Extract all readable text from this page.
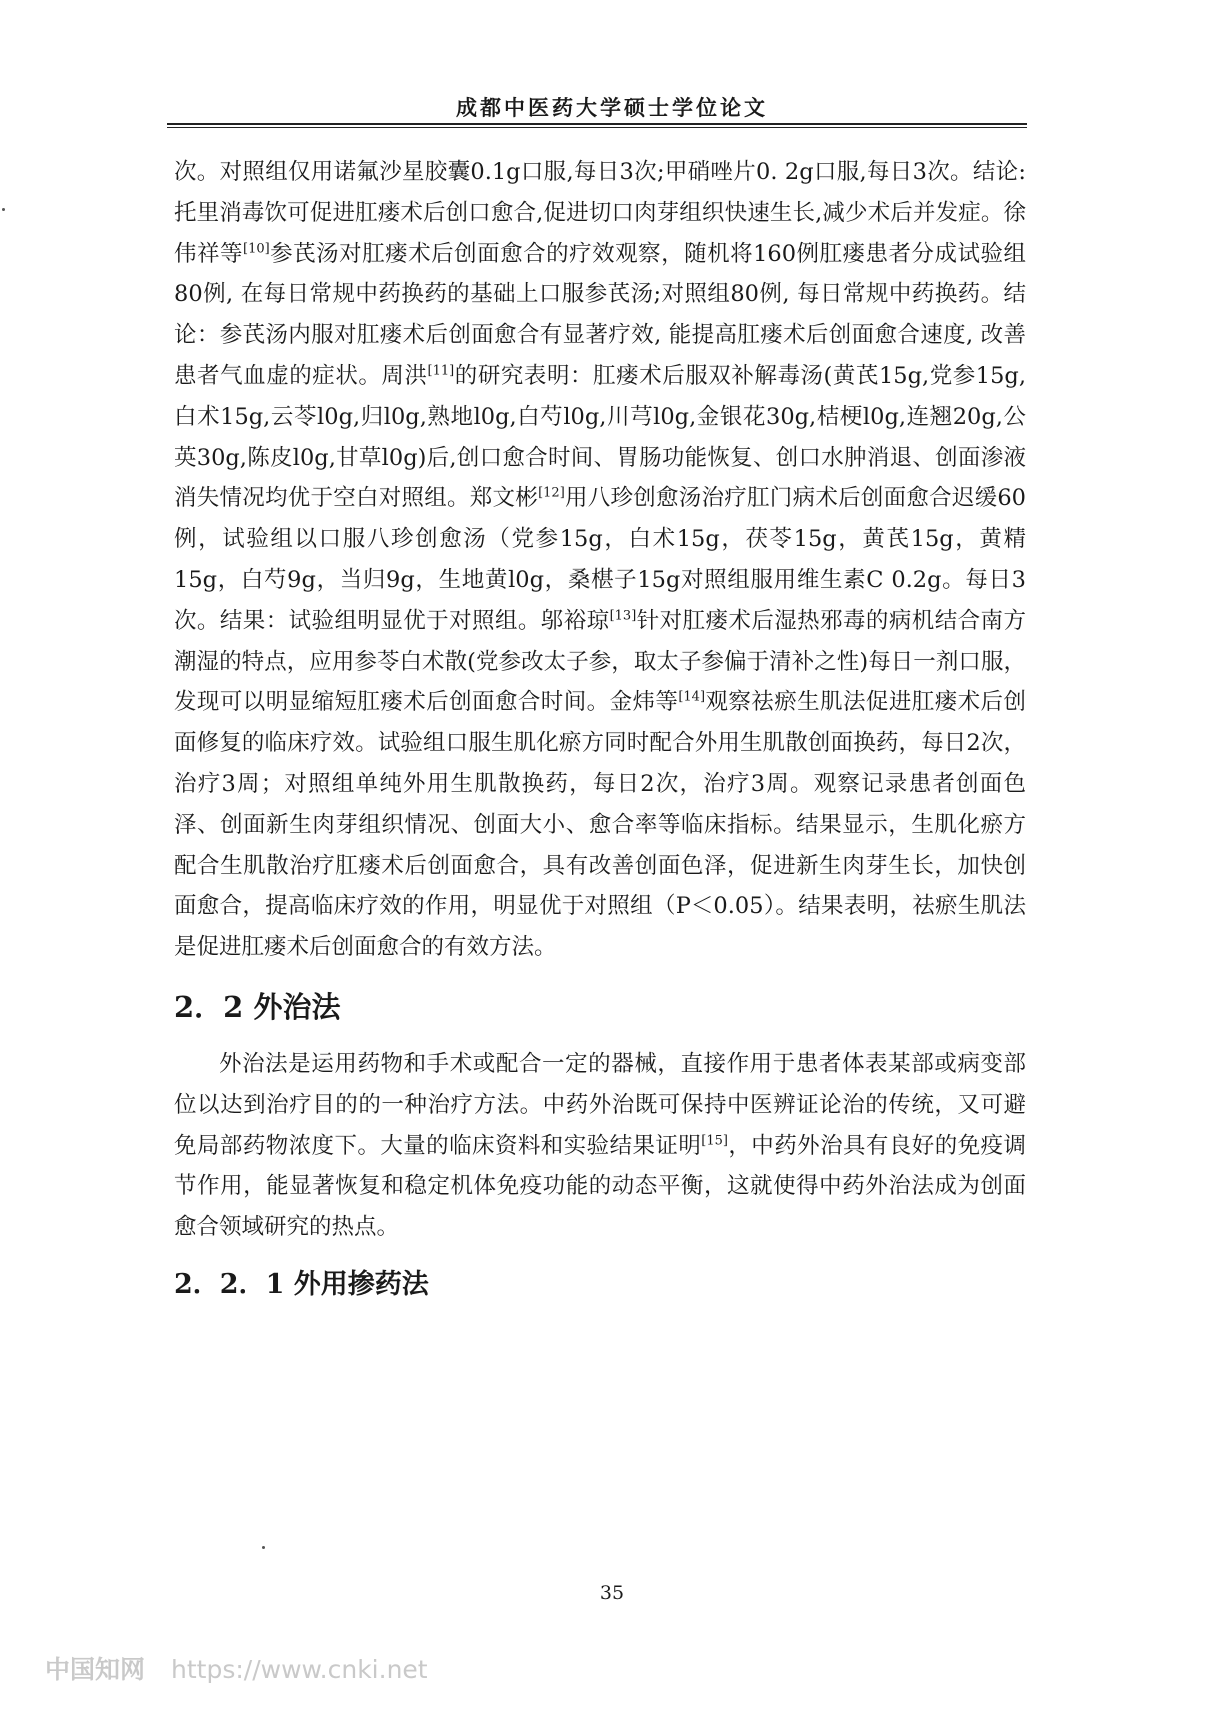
成都中医药大学硕士学位论文

次。对照组仅用诺氟沙星胶囊0.1g口服,每日3次;甲硝唑片0. 2g口服,每日3次。结论:托里消毒饮可促进肛瘘术后创口愈合,促进切口肉芽组织快速生长,减少术后并发症。徐伟祥等[10]参芪汤对肛瘘术后创面愈合的疗效观察，随机将160例肛瘘患者分成试验组80例, 在每日常规中药换药的基础上口服参芪汤;对照组80例, 每日常规中药换药。结论：参芪汤内服对肛瘘术后创面愈合有显著疗效, 能提高肛瘘术后创面愈合速度, 改善患者气血虚的症状。周洪[11]的研究表明：肛瘘术后服双补解毒汤(黄芪15g,党参15g,白术15g,云苓l0g,归l0g,熟地l0g,白芍l0g,川芎l0g,金银花30g,桔梗l0g,连翘20g,公英30g,陈皮l0g,甘草l0g)后,创口愈合时间、胃肠功能恢复、创口水肿消退、创面渗液消失情况均优于空白对照组。郑文彬[12]用八珍创愈汤治疗肛门病术后创面愈合迟缓60例，试验组以口服八珍创愈汤（党参15g，白术15g，茯苓15g，黄芪15g，黄精15g，白芍9g，当归9g，生地黄l0g，桑椹子15g对照组服用维生素C 0.2g。每日3次。结果：试验组明显优于对照组。邬裕琼[13]针对肛瘘术后湿热邪毒的病机结合南方潮湿的特点，应用参苓白术散(党参改太子参，取太子参偏于清补之性)每日一剂口服，发现可以明显缩短肛瘘术后创面愈合时间。金炜等[14]观察祛瘀生肌法促进肛瘘术后创面修复的临床疗效。试验组口服生肌化瘀方同时配合外用生肌散创面换药，每日2次，治疗3周；对照组单纯外用生肌散换药，每日2次，治疗3周。观察记录患者创面色泽、创面新生肉芽组织情况、创面大小、愈合率等临床指标。结果显示，生肌化瘀方配合生肌散治疗肛瘘术后创面愈合，具有改善创面色泽，促进新生肉芽生长，加快创面愈合，提高临床疗效的作用，明显优于对照组（P＜0.05）。结果表明，祛瘀生肌法是促进肛瘘术后创面愈合的有效方法。

2．2 外治法

外治法是运用药物和手术或配合一定的器械，直接作用于患者体表某部或病变部位以达到治疗目的的一种治疗方法。中药外治既可保持中医辨证论治的传统，又可避免局部药物浓度下。大量的临床资料和实验结果证明[15]，中药外治具有良好的免疫调节作用，能显著恢复和稳定机体免疫功能的动态平衡，这就使得中药外治法成为创面愈合领域研究的热点。

2．2．1 外用掺药法
35
中国知网 https://www.cnki.net
